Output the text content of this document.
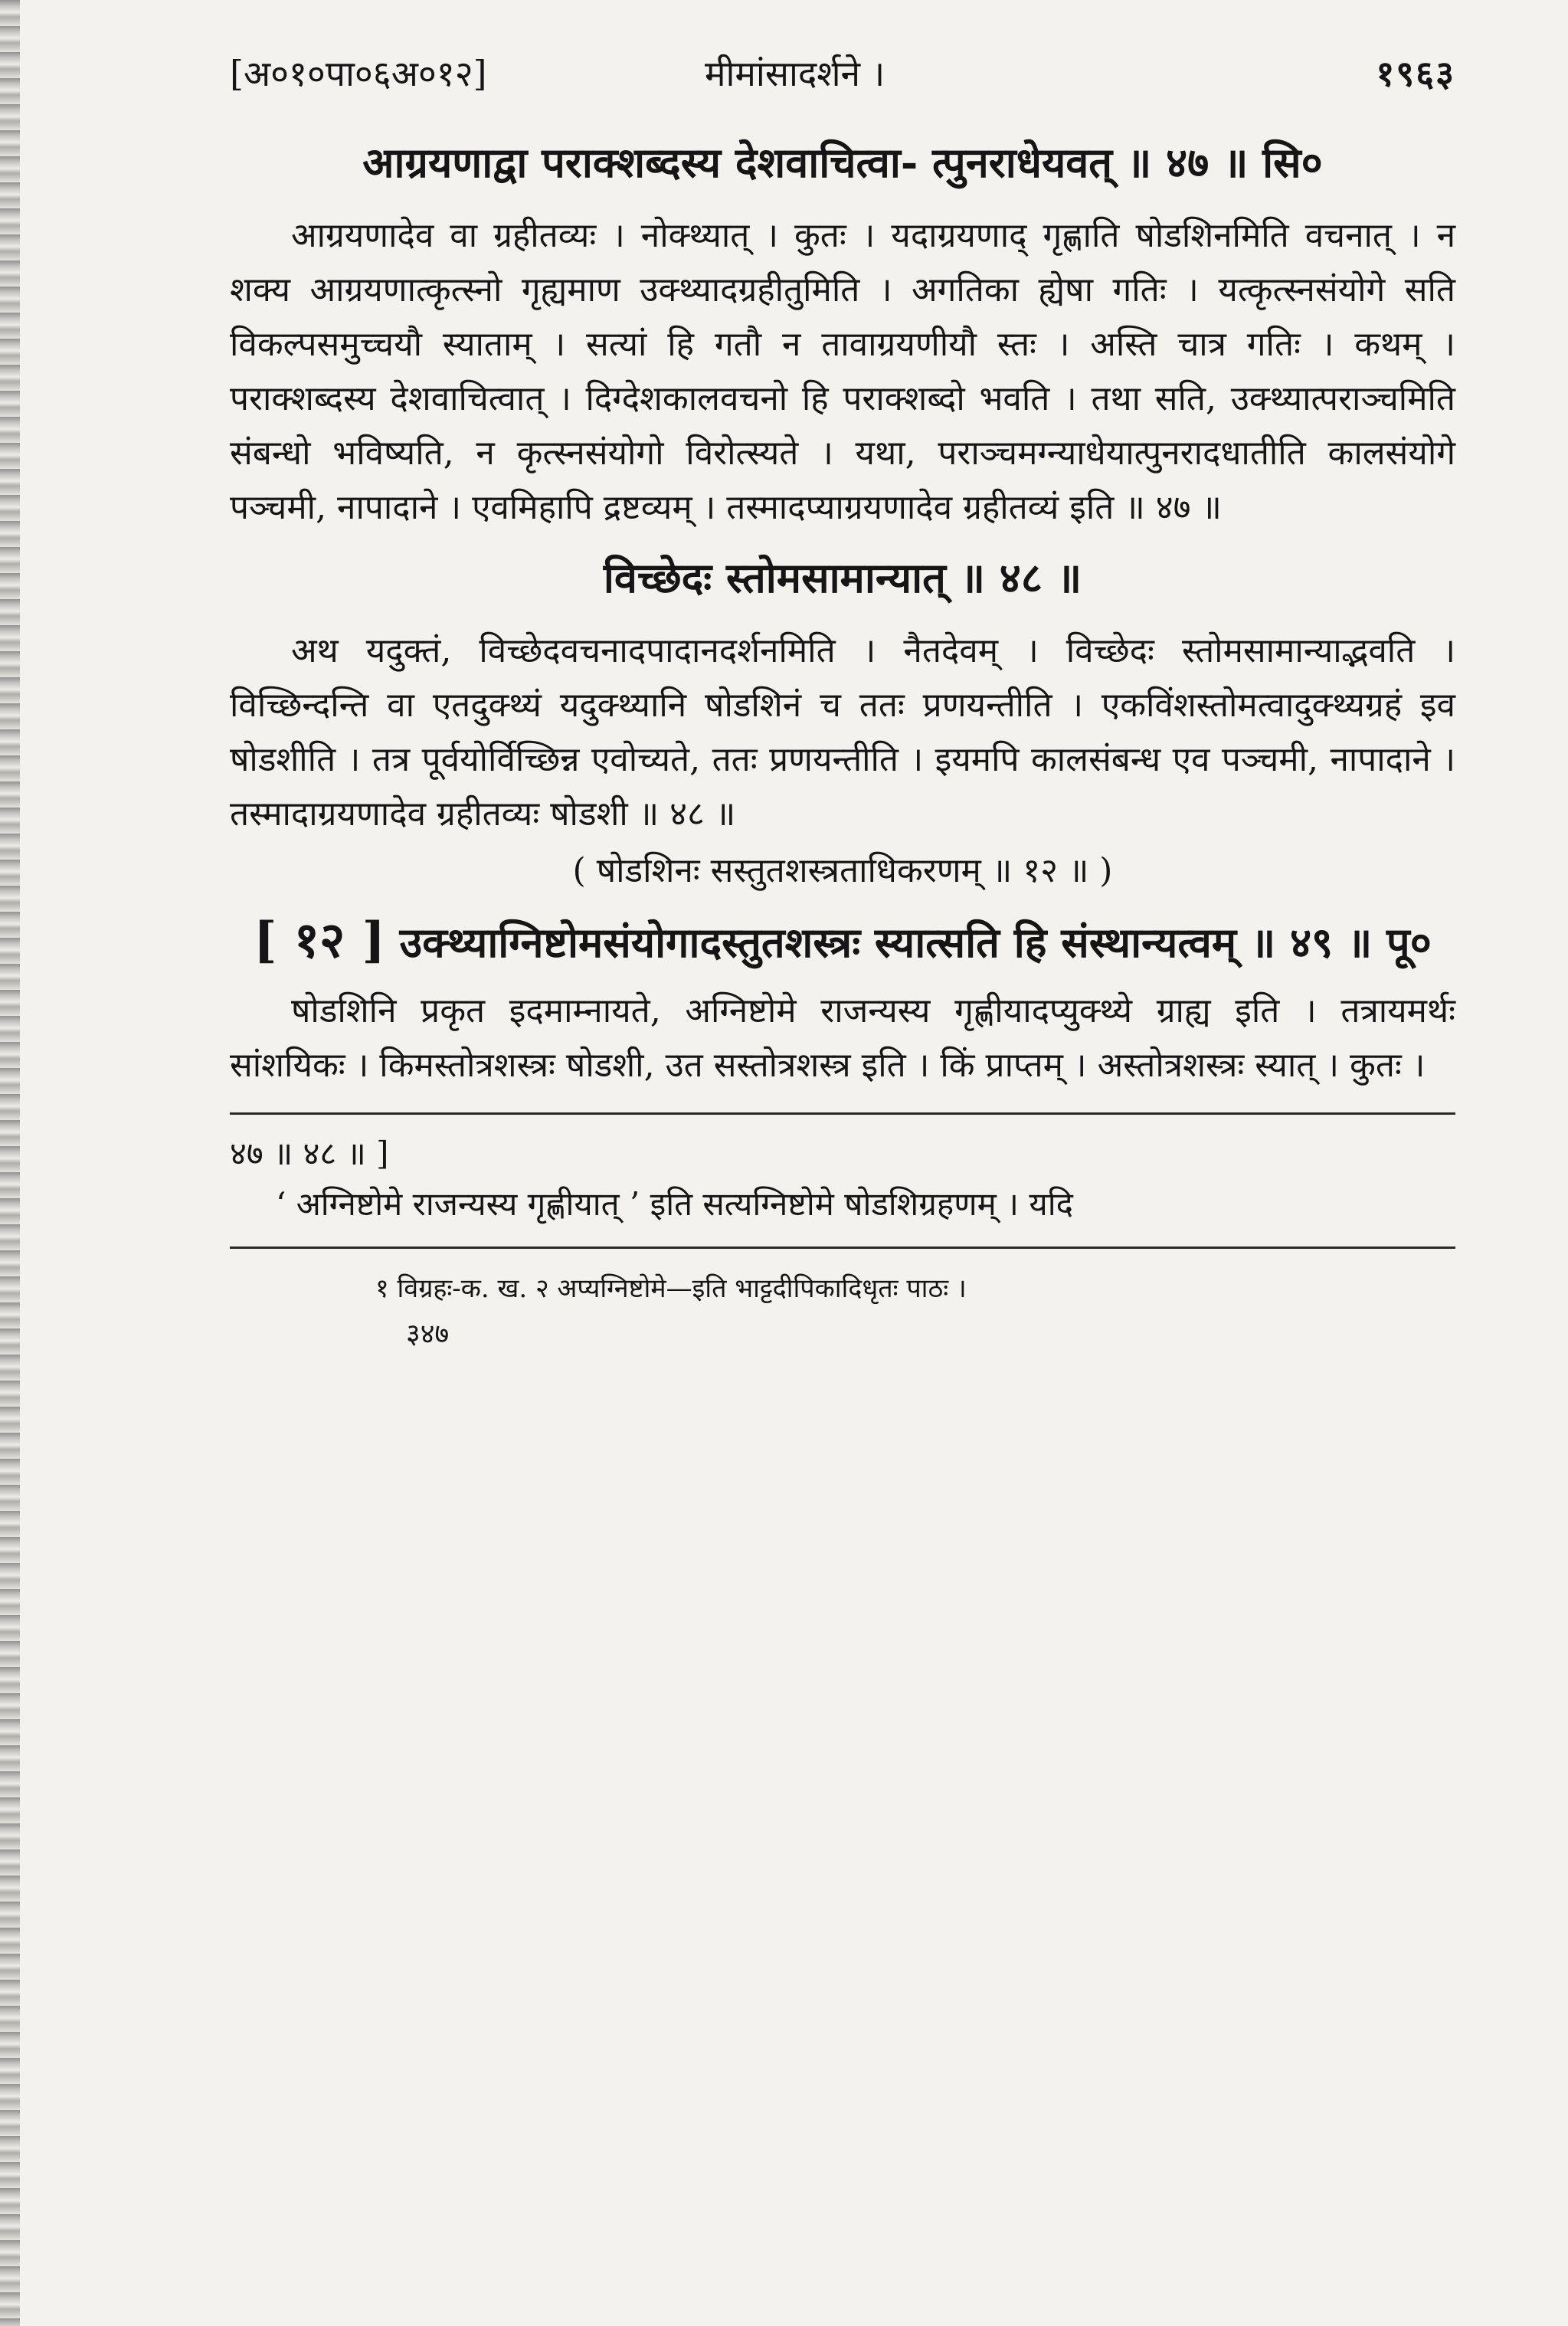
[अ०१०पा०६अ०१२]	मीमांसादर्शने ।	१९६३
आग्रयणाद्वा पराक्शब्दस्य देशवाचित्वा- त्पुनराधेयवत् ॥ ४७ ॥ सि०

आग्रयणादेव वा ग्रहीतव्यः । नोक्थ्यात् । कुतः । यदाग्रयणाद् गृह्णाति षोडशिनमिति वचनात् । न शक्य आग्रयणात्कृत्स्नो गृह्यमाण उक्थ्यादग्रहीतुमिति । अगतिका ह्येषा गतिः । यत्कृत्स्नसंयोगे सति विकल्पसमुच्चयौ स्याताम् । सत्यां हि गतौ न तावाग्रयणीयौ स्तः । अस्ति चात्र गतिः । कथम् । पराक्शब्दस्य देशवाचित्वात् । दिग्देशकालवचनो हि पराक्शब्दो भवति । तथा सति, उक्थ्यात्पराञ्चमिति संबन्धो भविष्यति, न कृत्स्नसंयोगो विरोत्स्यते । यथा, पराञ्चमग्न्याधेयात्पुनरादधातीति कालसंयोगे पञ्चमी, नापादाने । एवमिहापि द्रष्टव्यम् । तस्मादप्याग्रयणादेव ग्रहीतव्यं इति ॥ ४७ ॥

विच्छेदः स्तोमसामान्यात् ॥ ४८ ॥

अथ यदुक्तं, विच्छेदवचनादपादानदर्शनमिति । नैतदेवम् । विच्छेदः स्तोमसामान्याद्भवति । विच्छिन्दन्ति वा एतदुक्थ्यं यदुक्थ्यानि षोडशिनं च ततः प्रणयन्तीति । एकविंशस्तोमत्वादुक्थ्यग्रहं इव षोडशीति । तत्र पूर्वयोर्विच्छिन्न एवोच्यते, ततः प्रणयन्तीति । इयमपि कालसंबन्ध एव पञ्चमी, नापादाने । तस्मादाग्रयणादेव ग्रहीतव्यः षोडशी ॥ ४८ ॥

( षोडशिनः सस्तुतशस्त्रताधिकरणम् ॥ १२ ॥ )
[ १२ ] उक्थ्याग्निष्टोमसंयोगादस्तुतशस्त्रः स्यात्सति हि संस्थान्यत्वम् ॥ ४९ ॥ पू०

षोडशिनि प्रकृत इदमाम्नायते, अग्निष्टोमे राजन्यस्य गृह्णीयादप्युक्थ्ये ग्राह्य इति । तत्रायमर्थः सांशयिकः । किमस्तोत्रशस्त्रः षोडशी, उत सस्तोत्रशस्त्र इति । किं प्राप्तम् । अस्तोत्रशस्त्रः स्यात् । कुतः ।

४७ ॥ ४८ ॥ ]

‘ अग्निष्टोमे राजन्यस्य गृह्णीयात् ’ इति सत्यग्निष्टोमे षोडशिग्रहणम् । यदि

१ विग्रहः-क. ख. २ अप्यग्निष्टोमे—इति भाट्टदीपिकादिधृतः पाठः ।
३४७
